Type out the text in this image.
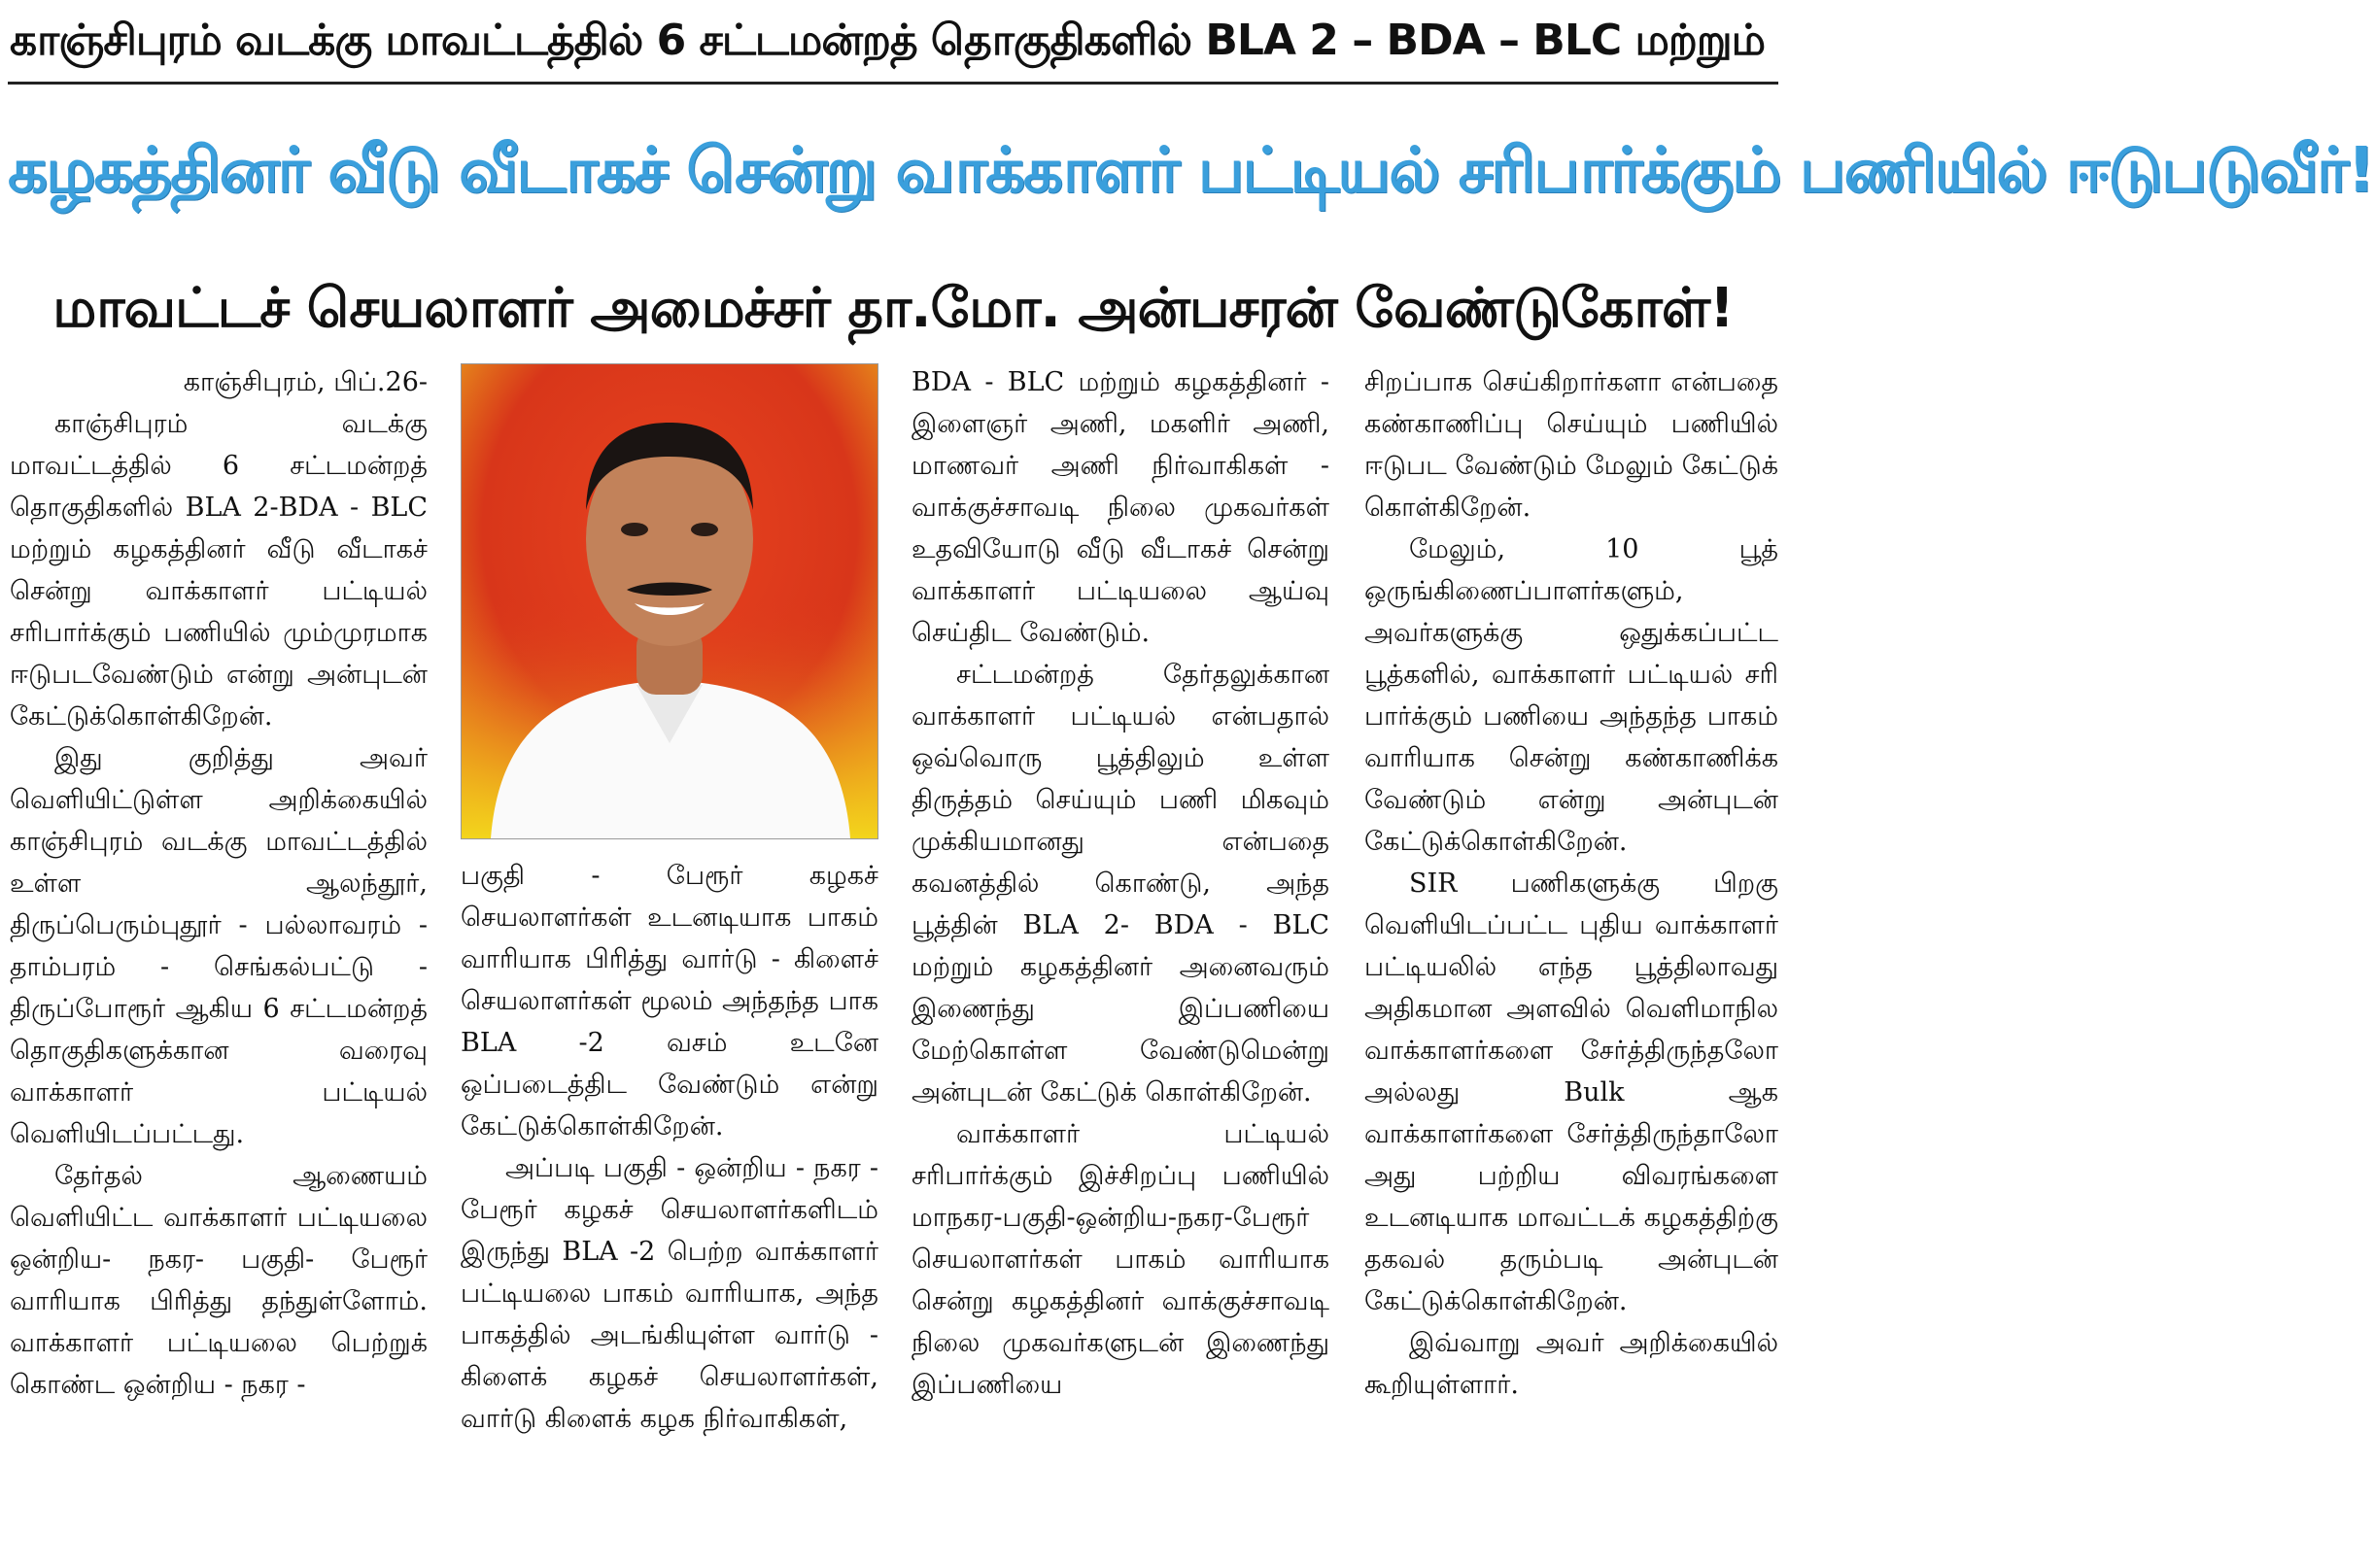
காஞ்சிபுரம் வடக்கு மாவட்டத்தில் 6 சட்டமன்றத் தொகுதிகளில் BLA 2 – BDA – BLC மற்றும்
கழகத்தினர் வீடு வீடாகச் சென்று வாக்காளர் பட்டியல் சரிபார்க்கும் பணியில் ஈடுபடுவீர்!
மாவட்டச் செயலாளர் அமைச்சர் தா.மோ. அன்பசரன் வேண்டுகோள்!

காஞ்சிபுரம், பிப்.26-

காஞ்சிபுரம் வடக்கு மாவட்டத்தில் 6 சட்டமன்றத் தொகுதிகளில் BLA 2-BDA - BLC மற்றும் கழகத்தினர் வீடு வீடாகச் சென்று வாக்காளர் பட்டியல் சரிபார்க்கும் பணியில் மும்முரமாக ஈடுபடவேண்டும் என்று அன்புடன் கேட்டுக்கொள்கிறேன்.

இது குறித்து அவர் வெளியிட்டுள்ள அறிக்கையில் காஞ்சிபுரம் வடக்கு மாவட்டத்தில் உள்ள ஆலந்தூர், திருப்பெரும்புதூர் - பல்லாவரம் - தாம்பரம் - செங்கல்பட்டு - திருப்போரூர் ஆகிய 6 சட்டமன்றத் தொகுதிகளுக்கான வரைவு வாக்காளர் பட்டியல் வெளியிடப்பட்டது.

தேர்தல் ஆணையம் வெளியிட்ட வாக்காளர் பட்டியலை ஒன்றிய- நகர- பகுதி- பேரூர் வாரியாக பிரித்து தந்துள்ளோம். வாக்காளர் பட்டியலை பெற்றுக் கொண்ட ஒன்றிய - நகர -

பகுதி - பேரூர் கழகச் செயலாளர்கள் உடனடியாக பாகம் வாரியாக பிரித்து வார்டு - கிளைச் செயலாளர்கள் மூலம் அந்தந்த பாக BLA -2 வசம் உடனே ஒப்படைத்திட வேண்டும் என்று கேட்டுக்கொள்கிறேன்.

அப்படி பகுதி - ஒன்றிய - நகர - பேரூர் கழகச் செயலாளர்களிடம் இருந்து BLA -2 பெற்ற வாக்காளர் பட்டியலை பாகம் வாரியாக, அந்த பாகத்தில் அடங்கியுள்ள வார்டு - கிளைக் கழகச் செயலாளர்கள், வார்டு கிளைக் கழக நிர்வாகிகள்,

BDA - BLC மற்றும் கழகத்தினர் - இளைஞர் அணி, மகளிர் அணி, மாணவர் அணி நிர்வாகிகள் - வாக்குச்சாவடி நிலை முகவர்கள் உதவியோடு வீடு வீடாகச் சென்று வாக்காளர் பட்டியலை ஆய்வு செய்திட வேண்டும்.

சட்டமன்றத் தேர்தலுக்கான வாக்காளர் பட்டியல் என்பதால் ஒவ்வொரு பூத்திலும் உள்ள திருத்தம் செய்யும் பணி மிகவும் முக்கியமானது என்பதை கவனத்தில் கொண்டு, அந்த பூத்தின் BLA 2- BDA - BLC மற்றும் கழகத்தினர் அனைவரும் இணைந்து இப்பணியை மேற்கொள்ள வேண்டுமென்று அன்புடன் கேட்டுக் கொள்கிறேன்.

வாக்காளர் பட்டியல் சரிபார்க்கும் இச்சிறப்பு பணியில் மாநகர-பகுதி-ஒன்றிய-நகர-பேரூர் செயலாளர்கள் பாகம் வாரியாக சென்று கழகத்தினர் வாக்குச்சாவடி நிலை முகவர்களுடன் இணைந்து இப்பணியை

சிறப்பாக செய்கிறார்களா என்பதை கண்காணிப்பு செய்யும் பணியில் ஈடுபட வேண்டும் மேலும் கேட்டுக் கொள்கிறேன்.

மேலும், 10 பூத் ஒருங்கிணைப்பாளர்களும், அவர்களுக்கு ஒதுக்கப்பட்ட பூத்களில், வாக்காளர் பட்டியல் சரி பார்க்கும் பணியை அந்தந்த பாகம் வாரியாக சென்று கண்காணிக்க வேண்டும் என்று அன்புடன் கேட்டுக்கொள்கிறேன்.

SIR பணிகளுக்கு பிறகு வெளியிடப்பட்ட புதிய வாக்காளர் பட்டியலில் எந்த பூத்திலாவது அதிகமான அளவில் வெளிமாநில வாக்காளர்களை சேர்த்திருந்தலோ அல்லது Bulk ஆக வாக்காளர்களை சேர்த்திருந்தாலோ அது பற்றிய விவரங்களை உடனடியாக மாவட்டக் கழகத்திற்கு தகவல் தரும்படி அன்புடன் கேட்டுக்கொள்கிறேன்.

இவ்வாறு அவர் அறிக்கையில் கூறியுள்ளார்.
